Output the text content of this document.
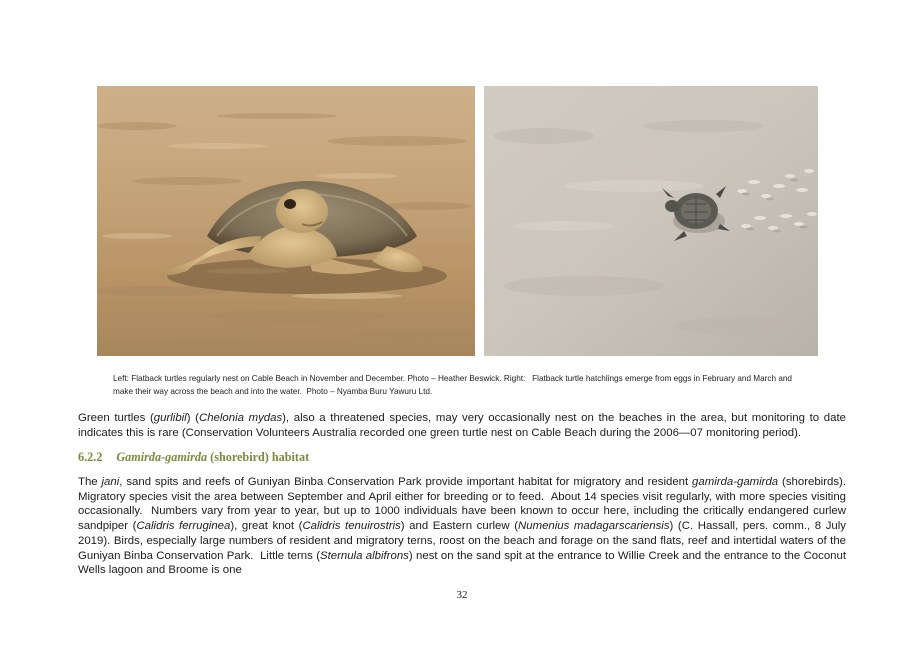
Left: Flatback turtles regularly nest on Cable Beach in November and December. Photo – Heather Beswick. Right:   Flatback turtle hatchlings emerge from eggs in February and March and make their way across the beach and into the water.  Photo – Nyamba Buru Yawuru Ltd.
Green turtles (gurlibil) (Chelonia mydas), also a threatened species, may very occasionally nest on the beaches in the area, but monitoring to date indicates this is rare (Conservation Volunteers Australia recorded one green turtle nest on Cable Beach during the 2006—07 monitoring period).
6.2.2 Gamirda-gamirda (shorebird) habitat
The jani, sand spits and reefs of Guniyan Binba Conservation Park provide important habitat for migratory and resident gamirda-gamirda (shorebirds). Migratory species visit the area between September and April either for breeding or to feed.  About 14 species visit regularly, with more species visiting occasionally.  Numbers vary from year to year, but up to 1000 individuals have been known to occur here, including the critically endangered curlew sandpiper (Calidris ferruginea), great knot (Calidris tenuirostris) and Eastern curlew (Numenius madagarscariensis) (C. Hassall, pers. comm., 8 July 2019). Birds, especially large numbers of resident and migratory terns, roost on the beach and forage on the sand flats, reef and intertidal waters of the Guniyan Binba Conservation Park.  Little terns (Sternula albifrons) nest on the sand spit at the entrance to Willie Creek and the entrance to the Coconut Wells lagoon and Broome is one
32
